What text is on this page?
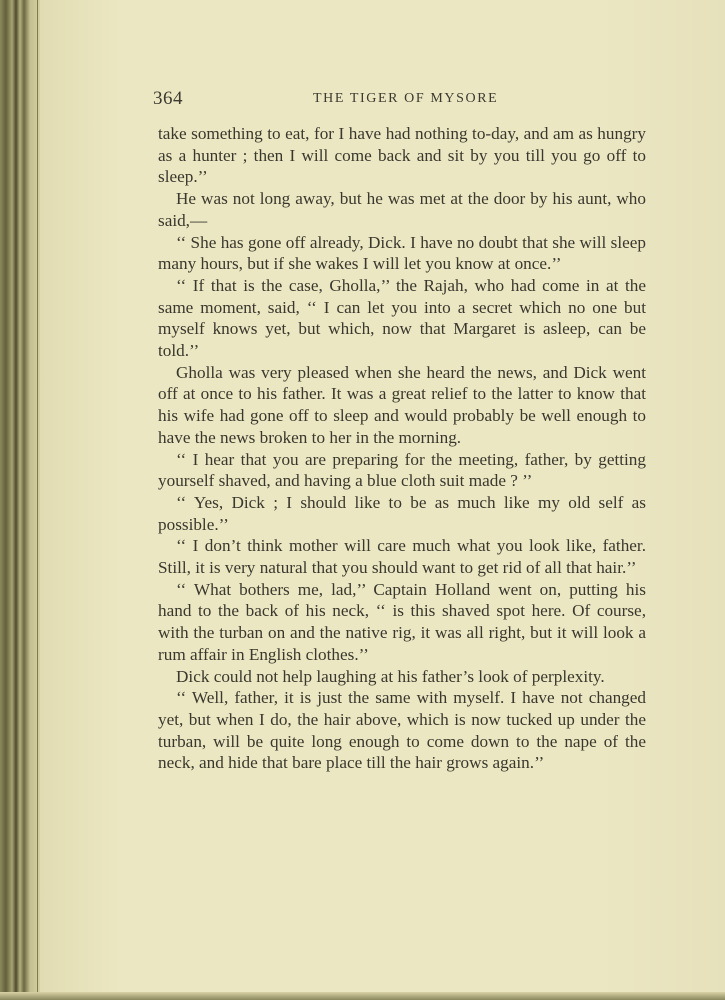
364	THE TIGER OF MYSORE

take something to eat, for I have had nothing to-day, and am as hungry as a hunter ; then I will come back and sit by you till you go off to sleep.’’

He was not long away, but he was met at the door by his aunt, who said,—

‘‘ She has gone off already, Dick. I have no doubt that she will sleep many hours, but if she wakes I will let you know at once.’’

‘‘ If that is the case, Gholla,’’ the Rajah, who had come in at the same moment, said, ‘‘ I can let you into a secret which no one but myself knows yet, but which, now that Margaret is asleep, can be told.’’

Gholla was very pleased when she heard the news, and Dick went off at once to his father. It was a great relief to the latter to know that his wife had gone off to sleep and would probably be well enough to have the news broken to her in the morning.

‘‘ I hear that you are preparing for the meeting, father, by getting yourself shaved, and having a blue cloth suit made ? ’’

‘‘ Yes, Dick ; I should like to be as much like my old self as possible.’’

‘‘ I don’t think mother will care much what you look like, father. Still, it is very natural that you should want to get rid of all that hair.’’

‘‘ What bothers me, lad,’’ Captain Holland went on, putting his hand to the back of his neck, ‘‘ is this shaved spot here. Of course, with the turban on and the native rig, it was all right, but it will look a rum affair in English clothes.’’

Dick could not help laughing at his father’s look of perplexity.

‘‘ Well, father, it is just the same with myself. I have not changed yet, but when I do, the hair above, which is now tucked up under the turban, will be quite long enough to come down to the nape of the neck, and hide that bare place till the hair grows again.’’
